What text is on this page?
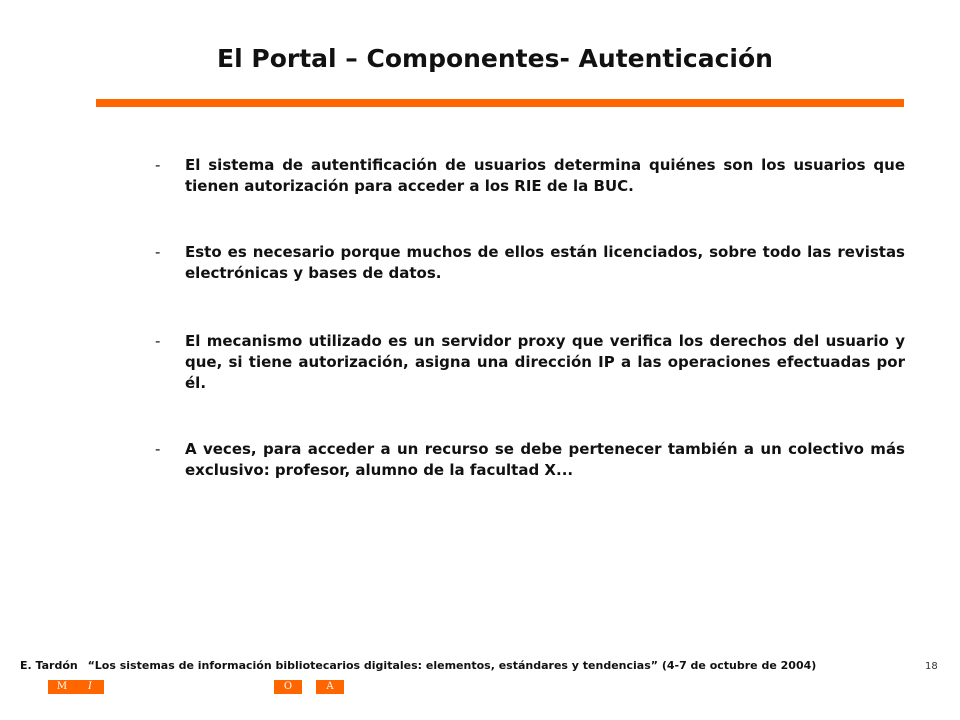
El Portal – Componentes- Autenticación
- El sistema de autentificación de usuarios determina quiénes son los usuarios que tienen autorización para acceder a los RIE de la BUC.
- Esto es necesario porque muchos de ellos están licenciados, sobre todo las revistas electrónicas y bases de datos.
- El mecanismo utilizado es un servidor proxy que verifica los derechos del usuario y que, si tiene autorización, asigna una dirección IP a las operaciones efectuadas por él.
- A veces, para acceder a un recurso se debe pertenecer también a un colectivo más exclusivo: profesor, alumno de la facultad X...
E. Tardón “Los sistemas de información bibliotecarios digitales: elementos, estándares y tendencias” (4-7 de octubre de 2004)	18
M	I	O	A
